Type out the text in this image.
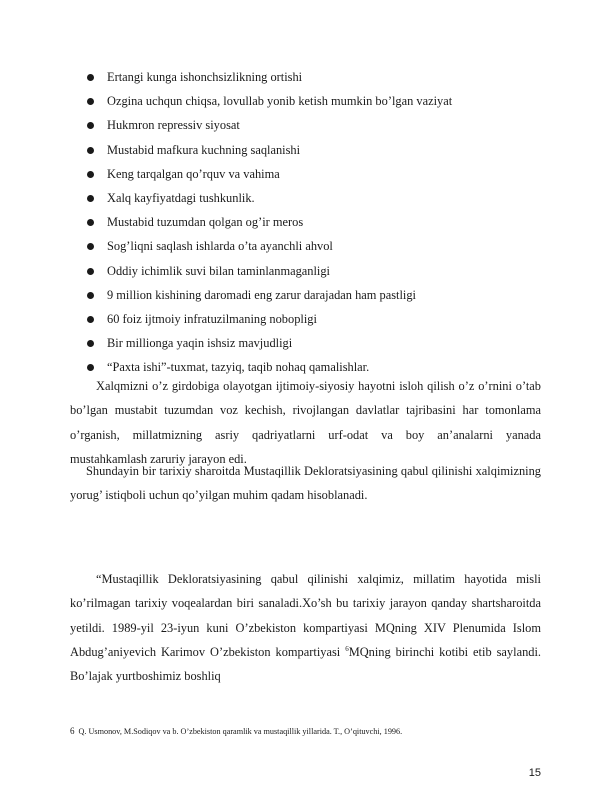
Ertangi kunga ishonchsizlikning ortishi
Ozgina uchqun chiqsa, lovullab yonib ketish mumkin bo’lgan vaziyat
Hukmron repressiv siyosat
Mustabid mafkura kuchning saqlanishi
Keng tarqalgan qo’rquv va vahima
Xalq kayfiyatdagi tushkunlik.
Mustabid tuzumdan qolgan og’ir meros
Sog’liqni saqlash ishlarda o’ta ayanchli ahvol
Oddiy ichimlik suvi bilan taminlanmaganligi
9 million kishining daromadi eng zarur darajadan ham pastligi
60 foiz ijtmoiy infratuzilmaning nobopligi
Bir millionga yaqin ishsiz mavjudligi
“Paxta ishi”-tuxmat, tazyiq, taqib nohaq qamalishlar.

Xalqmizni o’z girdobiga olayotgan ijtimoiy-siyosiy hayotni isloh qilish o’z o’rnini o’tab bo’lgan mustabit tuzumdan voz kechish, rivojlangan davlatlar tajribasini har tomonlama o’rganish, millatmizning asriy qadriyatlarni urf-odat va boy an’analarni yanada mustahkamlash zaruriy jarayon edi.

Shundayin bir tarixiy sharoitda Mustaqillik Dekloratsiyasining qabul qilinishi xalqimizning yorug’ istiqboli uchun qo’yilgan muhim qadam hisoblanadi.

“Mustaqillik Dekloratsiyasining qabul qilinishi xalqimiz, millatim hayotida misli ko’rilmagan tarixiy voqealardan biri sanaladi.Xo’sh bu tarixiy jarayon qanday shartsharoitda yetildi. 1989-yil 23-iyun kuni O’zbekiston kompartiyasi MQning XIV Plenumida Islom Abdug’aniyevich Karimov O’zbekiston kompartiyasi $^6$MQning birinchi kotibi etib saylandi. Bo’lajak yurtboshimiz boshliq

6 Q. Usmonov, M.Sodiqov va b. O’zbekiston qaramlik va mustaqillik yillarida. T., O’qituvchi, 1996.
15
